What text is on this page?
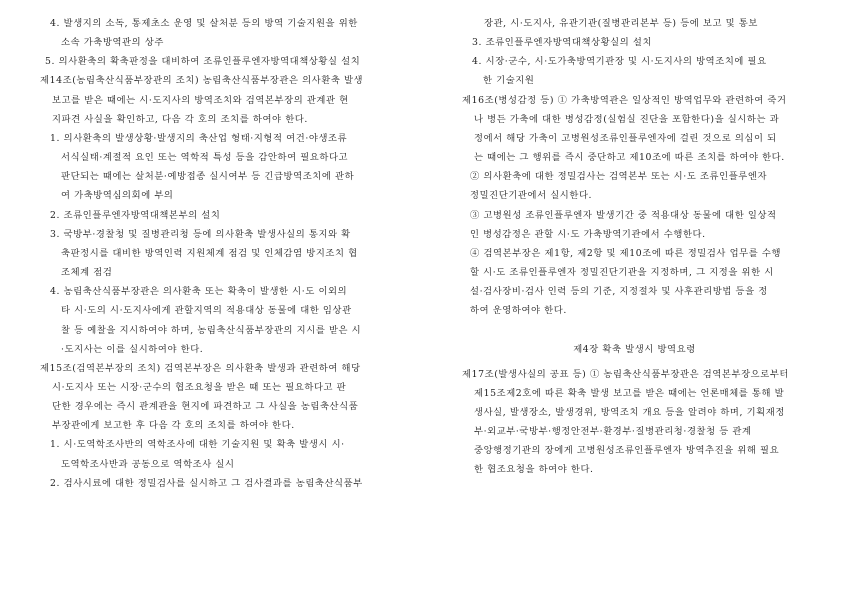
4. 발생지의 소독, 통제초소 운영 및 살처분 등의 방역 기술지원을 위한
소속 가축방역관의 상주

5. 의사환축의 확축판정을 대비하여 조류인플루엔자방역대책상황실 설치

제14조(농림축산식품부장관의 조치) 농림축산식품부장관은 의사환축 발생
보고를 받은 때에는 시·도지사의 방역조치와 검역본부장의 관계관 현
지파견 사실을 확인하고, 다음 각 호의 조치를 하여야 한다.

1. 의사환축의 발생상황·발생지의 축산업 형태·지형적 여건·야생조류
서식실태·계절적 요인 또는 역학적 특성 등을 감안하여 필요하다고
판단되는 때에는 살처분·예방접종 실시여부 등 긴급방역조치에 관하
여 가축방역심의회에 부의

2. 조류인플루엔자방역대책본부의 설치

3. 국방부·경찰청 및 질병관리청 등에 의사환축 발생사실의 통지와 확
축판정시를 대비한 방역인력 지원체계 점검 및 인체감염 방지조치 협
조체계 점검

4. 농림축산식품부장관은 의사환축 또는 확축이 발생한 시·도 이외의
타 시·도의 시·도지사에게 관할지역의 적용대상 동물에 대한 임상관
찰 등 예찰을 지시하여야 하며, 농림축산식품부장관의 지시를 받은 시
·도지사는 이를 실시하여야 한다.

제15조(검역본부장의 조치) 검역본부장은 의사환축 발생과 관련하여 해당
시·도지사 또는 시장·군수의 협조요청을 받은 때 또는 필요하다고 판
단한 경우에는 즉시 관계관을 현지에 파견하고 그 사실을 농림축산식품
부장관에게 보고한 후 다음 각 호의 조치를 하여야 한다.

1. 시·도역학조사반의 역학조사에 대한 기술지원 및 확축 발생시 시·
도역학조사반과 공동으로 역학조사 실시

2. 검사시료에 대한 정밀검사를 실시하고 그 검사결과를 농림축산식품부

장관, 시·도지사, 유관기관(질병관리본부 등) 등에 보고 및 통보

3. 조류인플루엔자방역대책상황실의 설치

4. 시장·군수, 시·도가축방역기관장 및 시·도지사의 방역조치에 필요
한 기술지원

제16조(병성감정 등) ① 가축방역관은 일상적인 방역업무와 관련하여 죽거
나 병든 가축에 대한 병성감정(실험실 진단을 포함한다)을 실시하는 과
정에서 해당 가축이 고병원성조류인플루엔자에 걸린 것으로 의심이 되
는 때에는 그 행위를 즉시 중단하고 제10조에 따른 조치를 하여야 한다.

② 의사환축에 대한 정밀검사는 검역본부 또는 시·도 조류인플루엔자
정밀진단기관에서 실시한다.

③ 고병원성 조류인플루엔자 발생기간 중 적용대상 동물에 대한 일상적
인 병성감정은 관할 시·도 가축방역기관에서 수행한다.

④ 검역본부장은 제1항, 제2항 및 제10조에 따른 정밀검사 업무를 수행
할 시·도 조류인플루엔자 정밀진단기관을 지정하며, 그 지정을 위한 시
설·검사장비·검사 인력 등의 기준, 지정절차 및 사후관리방법 등을 정
하여 운영하여야 한다.

제4장 확축 발생시 방역요령

제17조(발생사실의 공표 등) ① 농림축산식품부장관은 검역본부장으로부터
제15조제2호에 따른 확축 발생 보고를 받은 때에는 언론매체를 통해 발
생사실, 발생장소, 발생경위, 방역조치 개요 등을 알려야 하며, 기획재정
부·외교부·국방부·행정안전부·환경부·질병관리청·경찰청 등 관계
중앙행정기관의 장에게 고병원성조류인플루엔자 방역추진을 위해 필요
한 협조요청을 하여야 한다.
